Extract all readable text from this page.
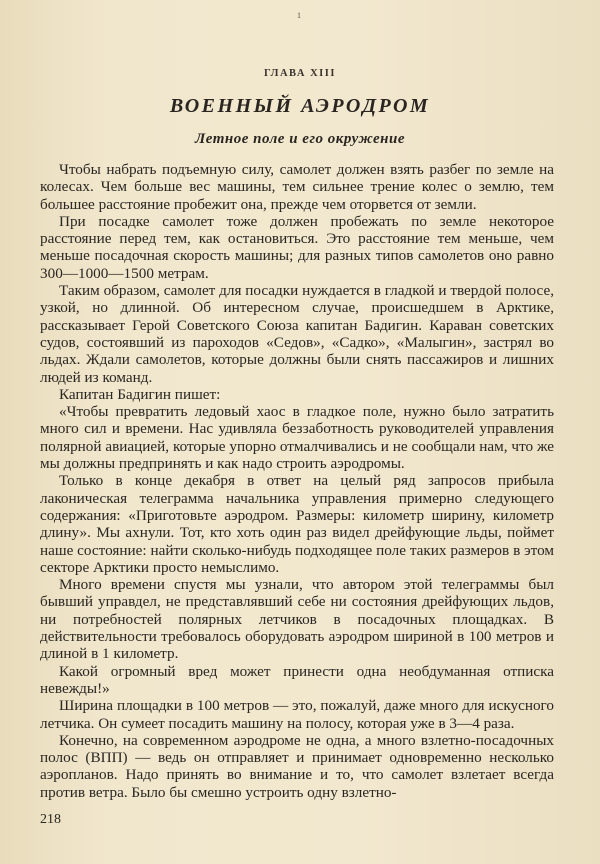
1
ГЛАВА XIII
ВОЕННЫЙ АЭРОДРОМ
Летное поле и его окружение

Чтобы набрать подъемную силу, самолет должен взять разбег по земле на колесах. Чем больше вес машины, тем сильнее трение колес о землю, тем большее расстояние пробежит она, прежде чем оторвется от земли.

При посадке самолет тоже должен пробежать по земле некоторое расстояние перед тем, как остановиться. Это расстояние тем меньше, чем меньше посадочная скорость машины; для разных типов самолетов оно равно 300—1000—1500 метрам.

Таким образом, самолет для посадки нуждается в гладкой и твердой полосе, узкой, но длинной. Об интересном случае, происшедшем в Арктике, рассказывает Герой Советского Союза капитан Бадигин. Караван советских судов, состоявший из пароходов «Седов», «Садко», «Малыгин», застрял во льдах. Ждали самолетов, которые должны были снять пассажиров и лишних людей из команд.

Капитан Бадигин пишет:

«Чтобы превратить ледовый хаос в гладкое поле, нужно было затратить много сил и времени. Нас удивляла беззаботность руководителей управления полярной авиацией, которые упорно отмалчивались и не сообщали нам, что же мы должны предпринять и как надо строить аэродромы.

Только в конце декабря в ответ на целый ряд запросов прибыла лаконическая телеграмма начальника управления примерно следующего содержания: «Приготовьте аэродром. Размеры: километр ширину, километр длину». Мы ахнули. Тот, кто хоть один раз видел дрейфующие льды, поймет наше состояние: найти сколько-нибудь подходящее поле таких размеров в этом секторе Арктики просто немыслимо.

Много времени спустя мы узнали, что автором этой телеграммы был бывший управдел, не представлявший себе ни состояния дрейфующих льдов, ни потребностей полярных летчиков в посадочных площадках. В действительности требовалось оборудовать аэродром шириной в 100 метров и длиной в 1 километр.

Какой огромный вред может принести одна необдуманная отписка невежды!»

Ширина площадки в 100 метров — это, пожалуй, даже много для искусного летчика. Он сумеет посадить машину на полосу, которая уже в 3—4 раза.

Конечно, на современном аэродроме не одна, а много взлетно-посадочных полос (ВПП) — ведь он отправляет и принимает одновременно несколько аэропланов. Надо принять во внимание и то, что самолет взлетает всегда против ветра. Было бы смешно устроить одну взлетно-

218
